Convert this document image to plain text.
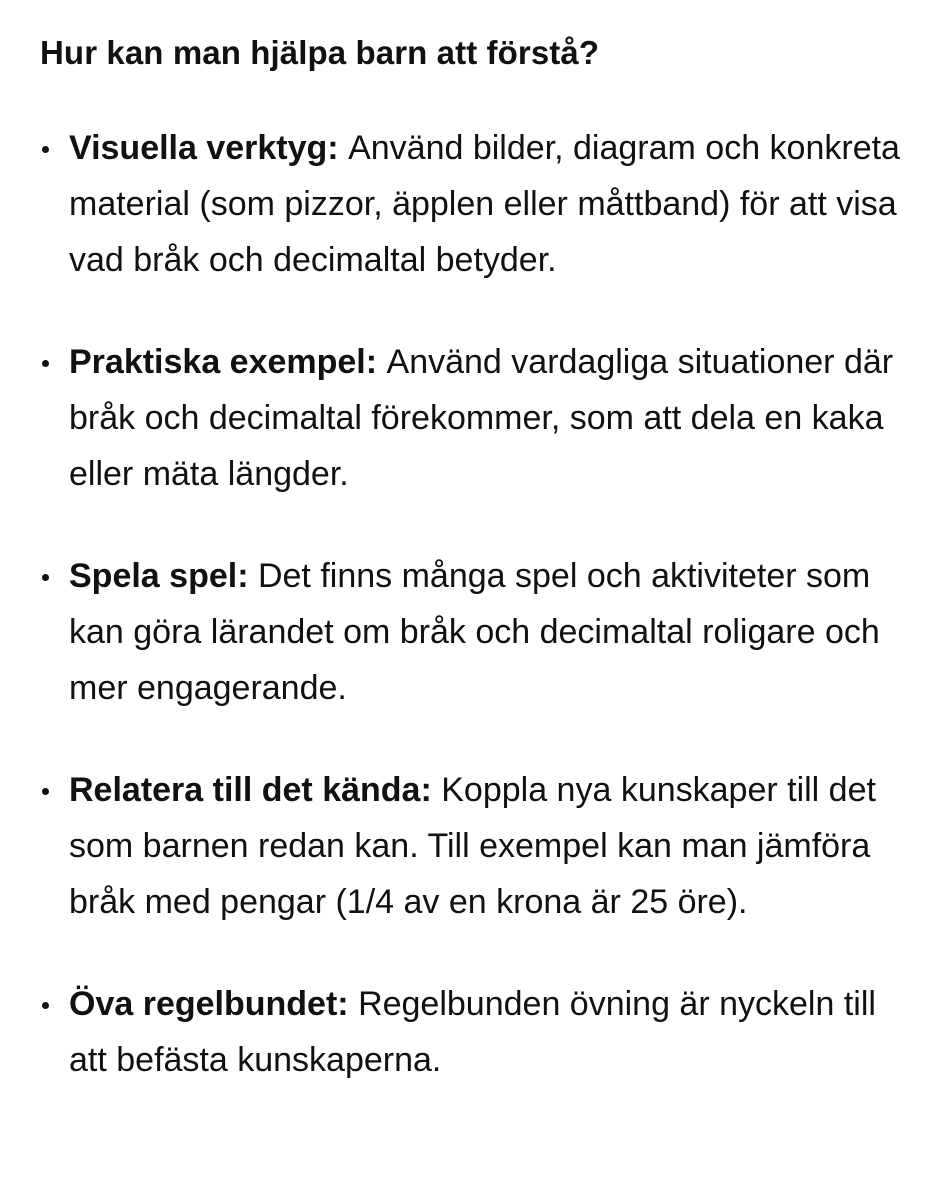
Hur kan man hjälpa barn att förstå?
Visuella verktyg: Använd bilder, diagram och konkreta material (som pizzor, äpplen eller måttband) för att visa vad bråk och decimaltal betyder.
Praktiska exempel: Använd vardagliga situationer där bråk och decimaltal förekommer, som att dela en kaka eller mäta längder.
Spela spel: Det finns många spel och aktiviteter som kan göra lärandet om bråk och decimaltal roligare och mer engagerande.
Relatera till det kända: Koppla nya kunskaper till det som barnen redan kan. Till exempel kan man jämföra bråk med pengar (1/4 av en krona är 25 öre).
Öva regelbundet: Regelbunden övning är nyckeln till att befästa kunskaperna.
